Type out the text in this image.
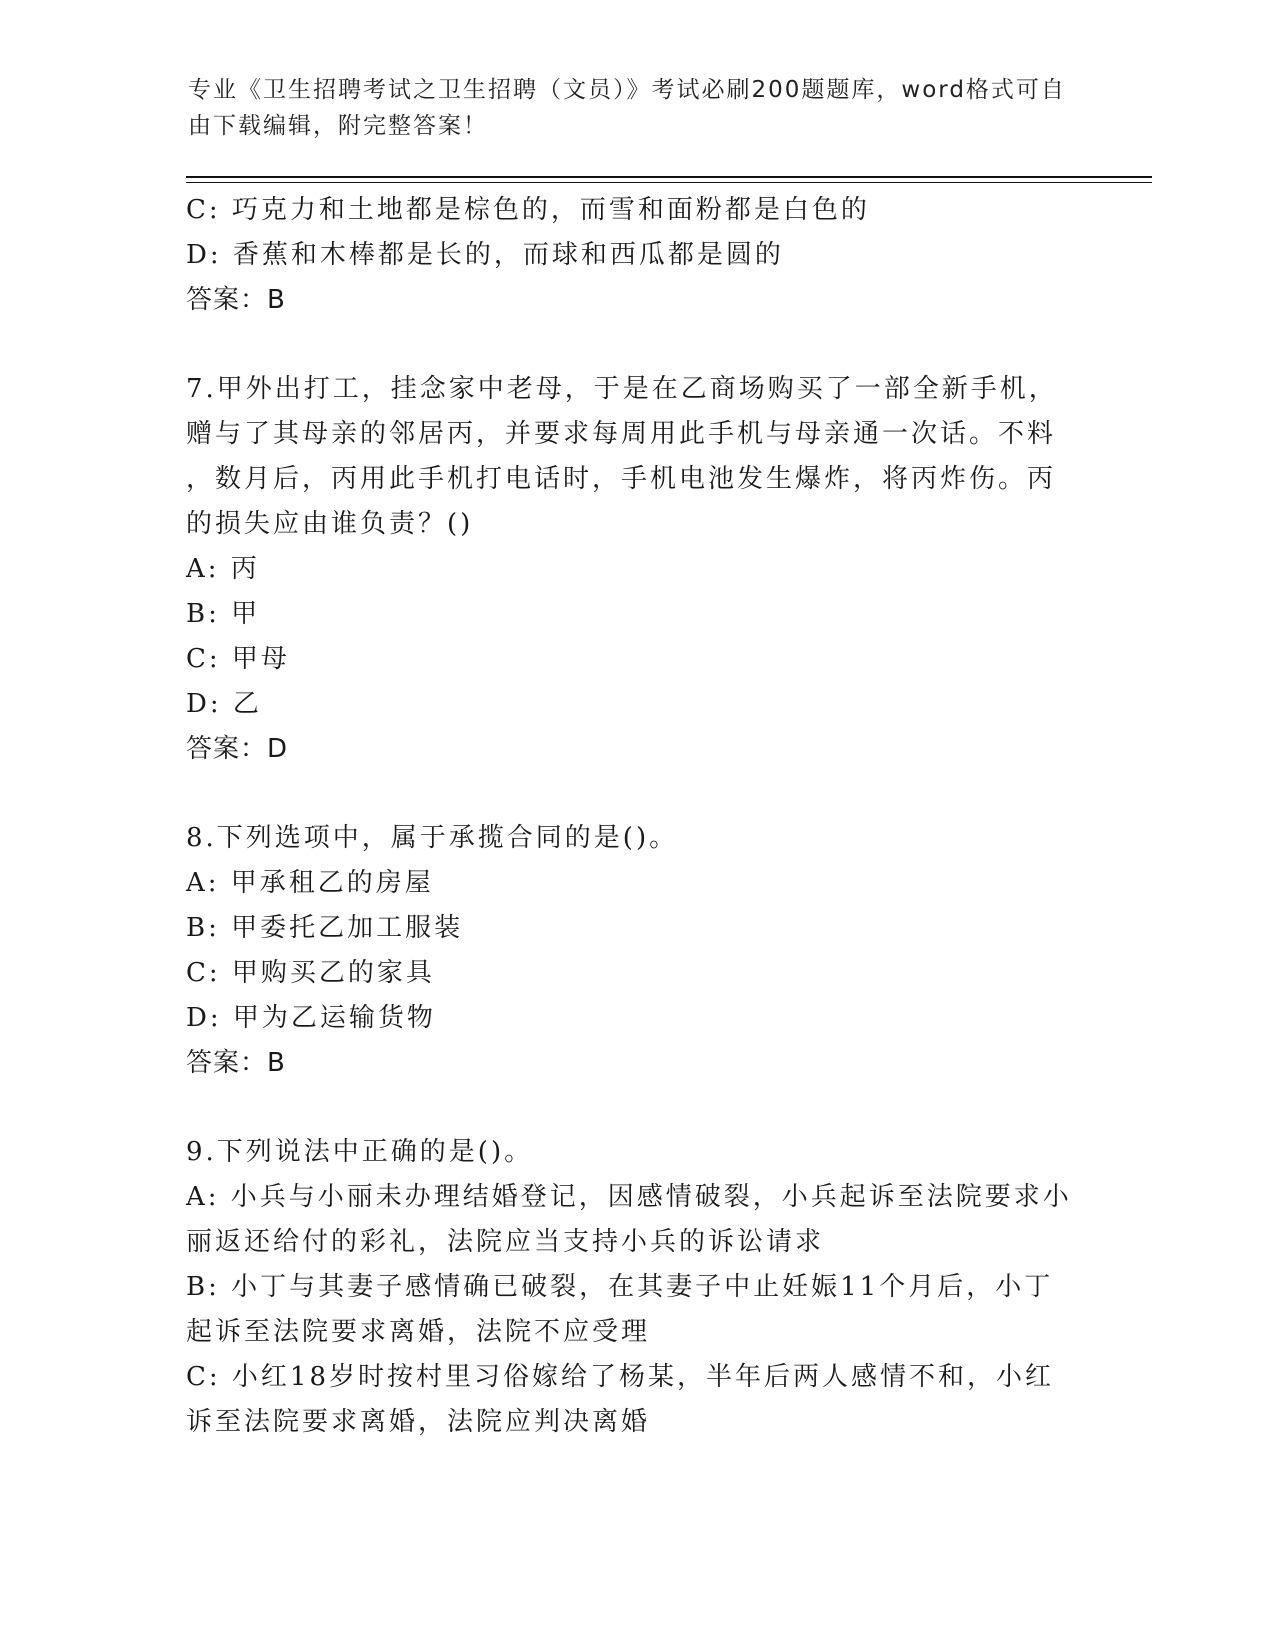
专业《卫生招聘考试之卫生招聘（文员）》考试必刷200题题库，word格式可自
由下载编辑，附完整答案！
C: 巧克力和土地都是棕色的，而雪和面粉都是白色的
D: 香蕉和木棒都是长的，而球和西瓜都是圆的
答案：B
7.甲外出打工，挂念家中老母，于是在乙商场购买了一部全新手机，
赠与了其母亲的邻居丙，并要求每周用此手机与母亲通一次话。不料
，数月后，丙用此手机打电话时，手机电池发生爆炸，将丙炸伤。丙
的损失应由谁负责？()
A: 丙
B: 甲
C: 甲母
D: 乙
答案：D
8.下列选项中，属于承揽合同的是()。
A: 甲承租乙的房屋
B: 甲委托乙加工服装
C: 甲购买乙的家具
D: 甲为乙运输货物
答案：B
9.下列说法中正确的是()。
A: 小兵与小丽未办理结婚登记，因感情破裂，小兵起诉至法院要求小
丽返还给付的彩礼，法院应当支持小兵的诉讼请求
B: 小丁与其妻子感情确已破裂，在其妻子中止妊娠11个月后，小丁
起诉至法院要求离婚，法院不应受理
C: 小红18岁时按村里习俗嫁给了杨某，半年后两人感情不和，小红
诉至法院要求离婚，法院应判决离婚
